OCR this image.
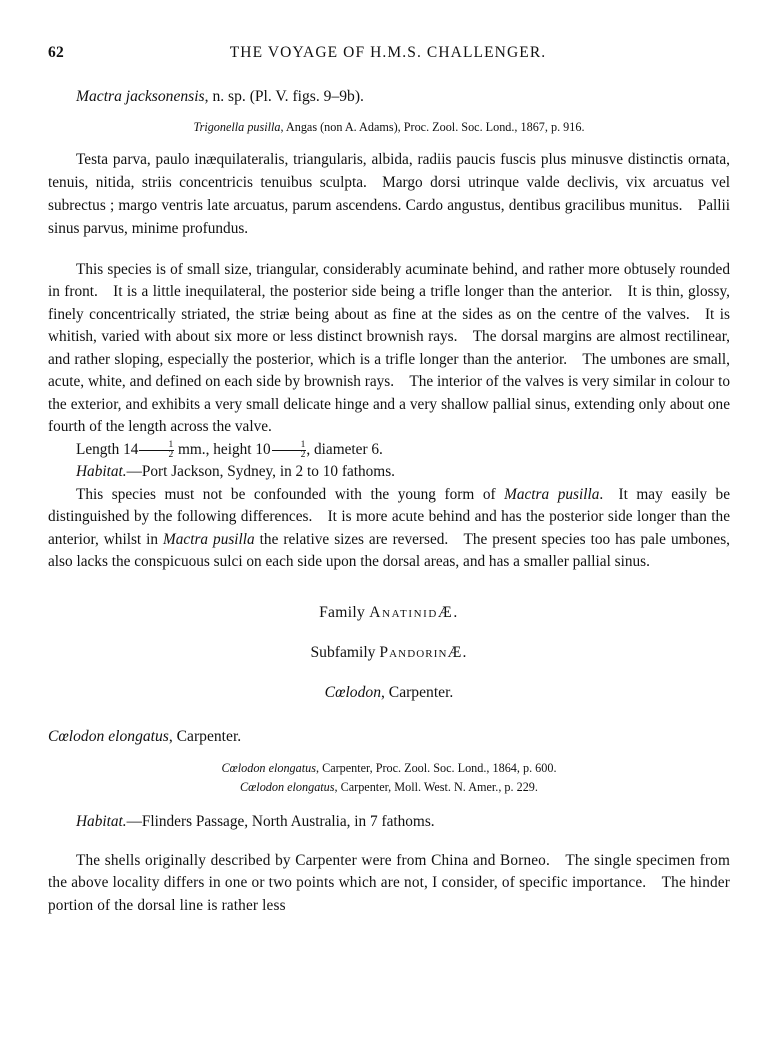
62	THE VOYAGE OF H.M.S. CHALLENGER.

Mactra jacksonensis, n. sp. (Pl. V. figs. 9–9b).

Trigonella pusilla, Angas (non A. Adams), Proc. Zool. Soc. Lond., 1867, p. 916.

Testa parva, paulo inæquilateralis, triangularis, albida, radiis paucis fuscis plus minusve distinctis ornata, tenuis, nitida, striis concentricis tenuibus sculpta. Margo dorsi utrinque valde declivis, vix arcuatus vel subrectus ; margo ventris late arcuatus, parum ascendens. Cardo angustus, dentibus gracilibus munitus. Pallii sinus parvus, minime profundus.

This species is of small size, triangular, considerably acuminate behind, and rather more obtusely rounded in front. It is a little inequilateral, the posterior side being a trifle longer than the anterior. It is thin, glossy, finely concentrically striated, the striæ being about as fine at the sides as on the centre of the valves. It is whitish, varied with about six more or less distinct brownish rays. The dorsal margins are almost rectilinear, and rather sloping, especially the posterior, which is a trifle longer than the anterior. The umbones are small, acute, white, and defined on each side by brownish rays. The interior of the valves is very similar in colour to the exterior, and exhibits a very small delicate hinge and a very shallow pallial sinus, extending only about one fourth of the length across the valve.

Length $14 \frac{1}{2}$ mm., height $10 \frac{1}{2}$ , diameter 6.

Habitat.—Port Jackson, Sydney, in 2 to 10 fathoms.

This species must not be confounded with the young form of Mactra pusilla. It may easily be distinguished by the following differences. It is more acute behind and has the posterior side longer than the anterior, whilst in Mactra pusilla the relative sizes are reversed. The present species too has pale umbones, also lacks the conspicuous sulci on each side upon the dorsal areas, and has a smaller pallial sinus.

Family AnatinidÆ.
Subfamily PandorinÆ.
Cœlodon, Carpenter.

Cœlodon elongatus, Carpenter.

Cœlodon elongatus, Carpenter, Proc. Zool. Soc. Lond., 1864, p. 600.
Cœlodon elongatus, Carpenter, Moll. West. N. Amer., p. 229.

Habitat.—Flinders Passage, North Australia, in 7 fathoms.

The shells originally described by Carpenter were from China and Borneo. The single specimen from the above locality differs in one or two points which are not, I consider, of specific importance. The hinder portion of the dorsal line is rather less
